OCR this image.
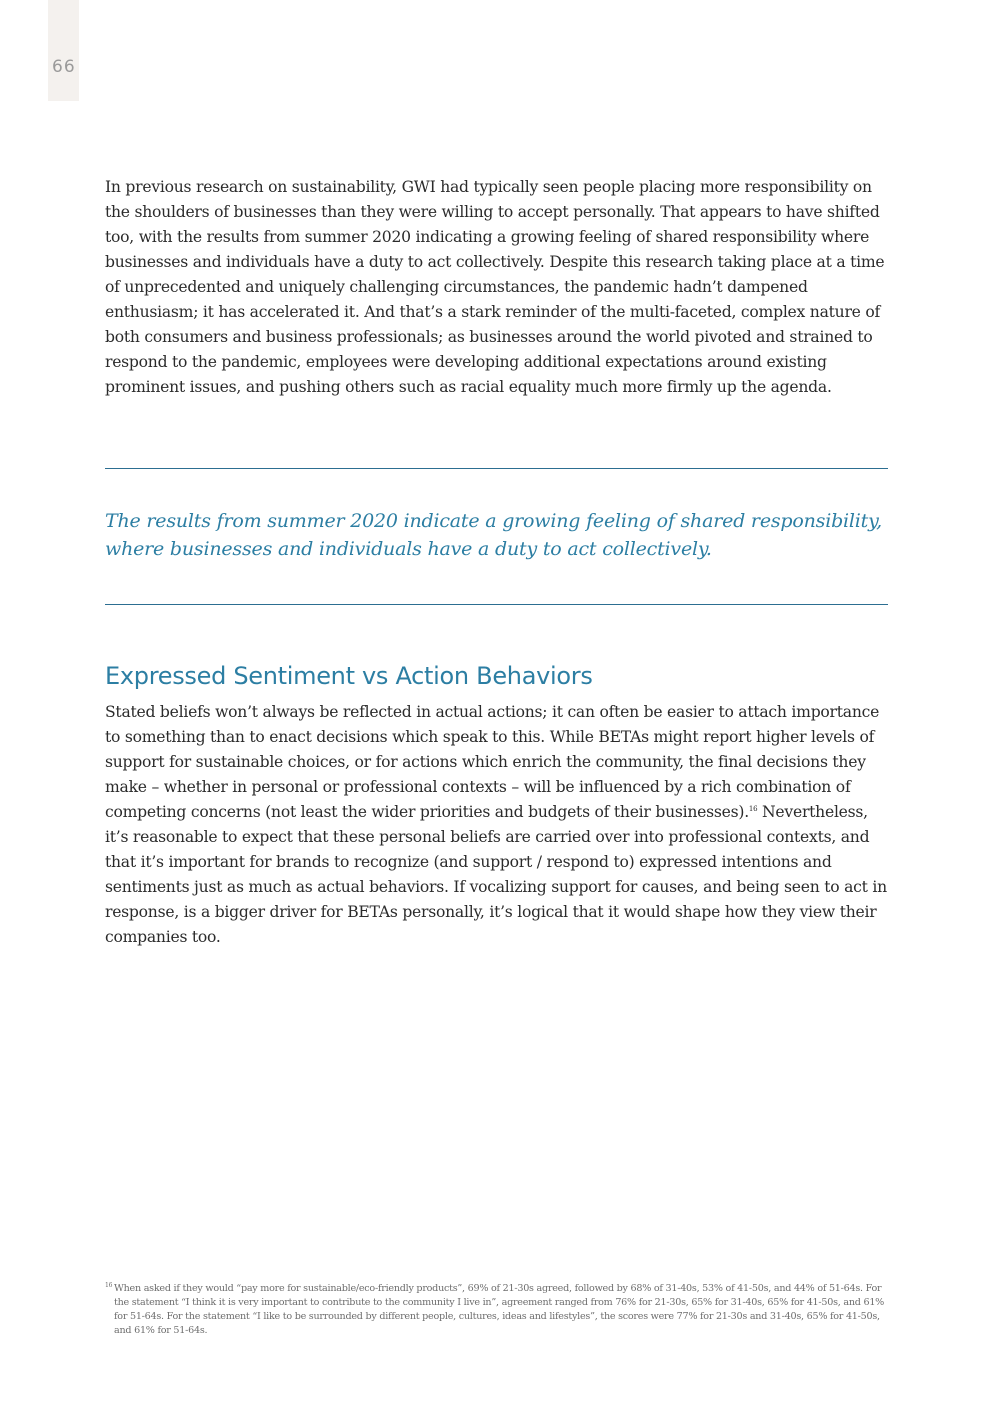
66

In previous research on sustainability, GWI had typically seen people placing more responsibility on the shoulders of businesses than they were willing to accept personally. That appears to have shifted too, with the results from summer 2020 indicating a growing feeling of shared responsibility where businesses and individuals have a duty to act collectively. Despite this research taking place at a time of unprecedented and uniquely challenging circumstances, the pandemic hadn’t dampened enthusiasm; it has accelerated it. And that’s a stark reminder of the multi-faceted, complex nature of both consumers and business professionals; as businesses around the world pivoted and strained to respond to the pandemic, employees were developing additional expectations around existing prominent issues, and pushing others such as racial equality much more firmly up the agenda.

The results from summer 2020 indicate a growing feeling of shared responsibility, where businesses and individuals have a duty to act collectively.

Expressed Sentiment vs Action Behaviors

Stated beliefs won’t always be reflected in actual actions; it can often be easier to attach importance to something than to enact decisions which speak to this. While BETAs might report higher levels of support for sustainable choices, or for actions which enrich the community, the final decisions they make – whether in personal or professional contexts – will be influenced by a rich combination of competing concerns (not least the wider priorities and budgets of their businesses).$^{16}$ Nevertheless, it’s reasonable to expect that these personal beliefs are carried over into professional contexts, and that it’s important for brands to recognize (and support / respond to) expressed intentions and sentiments just as much as actual behaviors. If vocalizing support for causes, and being seen to act in response, is a bigger driver for BETAs personally, it’s logical that it would shape how they view their companies too.

16 When asked if they would “pay more for sustainable/eco-friendly products”, 69% of 21-30s agreed, followed by 68% of 31-40s, 53% of 41-50s, and 44% of 51-64s. For the statement “I think it is very important to contribute to the community I live in”, agreement ranged from 76% for 21-30s, 65% for 31-40s, 65% for 41-50s, and 61% for 51-64s. For the statement “I like to be surrounded by different people, cultures, ideas and lifestyles”, the scores were 77% for 21-30s and 31-40s, 65% for 41-50s, and 61% for 51-64s.
